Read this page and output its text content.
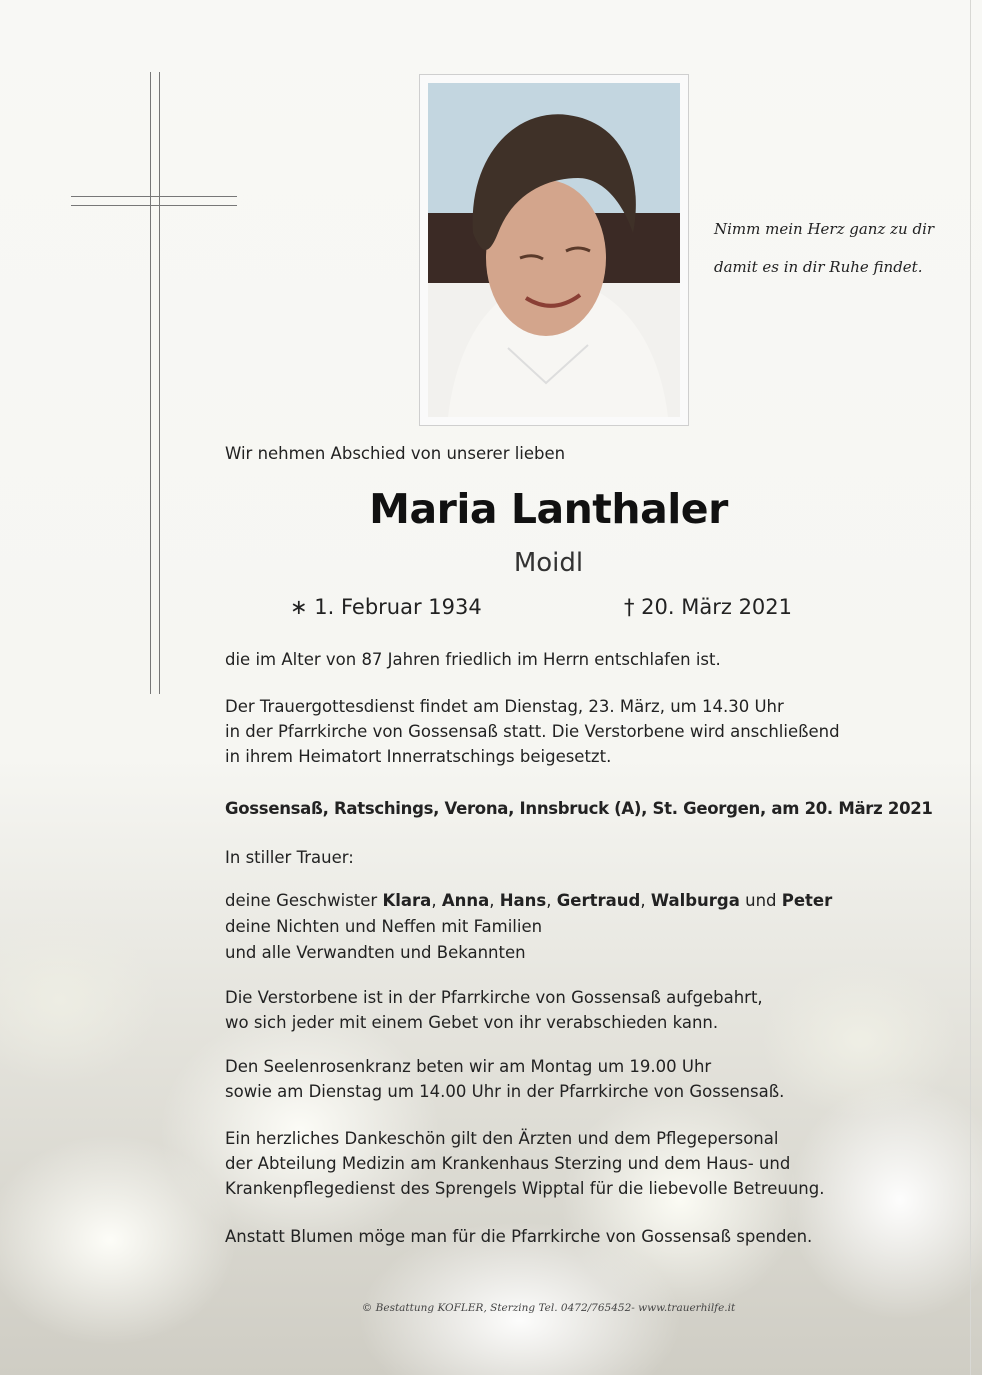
Nimm mein Herz ganz zu dir
damit es in dir Ruhe findet.
Wir nehmen Abschied von unserer lieben
Maria Lanthaler
Moidl
∗ 1. Februar 1934	† 20. März 2021
die im Alter von 87 Jahren friedlich im Herrn entschlafen ist.
Der Trauergottesdienst findet am Dienstag, 23. März, um 14.30 Uhr
in der Pfarrkirche von Gossensaß statt. Die Verstorbene wird anschließend
in ihrem Heimatort Innerratschings beigesetzt.
Gossensaß, Ratschings, Verona, Innsbruck (A), St. Georgen, am 20. März 2021
In stiller Trauer:
deine Geschwister Klara, Anna, Hans, Gertraud, Walburga und Peter
deine Nichten und Neffen mit Familien
und alle Verwandten und Bekannten
Die Verstorbene ist in der Pfarrkirche von Gossensaß aufgebahrt,
wo sich jeder mit einem Gebet von ihr verabschieden kann.
Den Seelenrosenkranz beten wir am Montag um 19.00 Uhr
sowie am Dienstag um 14.00 Uhr in der Pfarrkirche von Gossensaß.
Ein herzliches Dankeschön gilt den Ärzten und dem Pflegepersonal
der Abteilung Medizin am Krankenhaus Sterzing und dem Haus- und
Krankenpflegedienst des Sprengels Wipptal für die liebevolle Betreuung.
Anstatt Blumen möge man für die Pfarrkirche von Gossensaß spenden.
© Bestattung KOFLER, Sterzing Tel. 0472/765452- www.trauerhilfe.it
